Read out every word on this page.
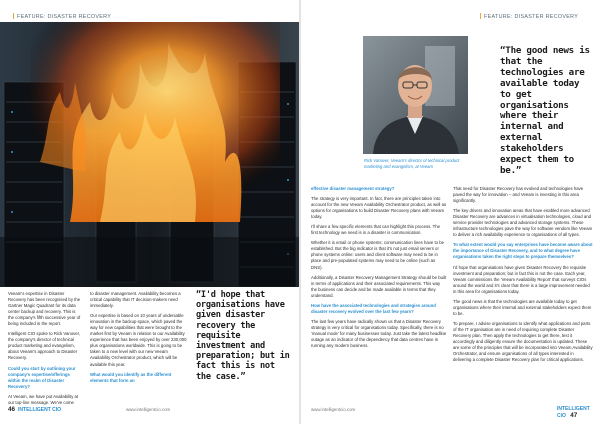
FEATURE: DISASTER RECOVERY

Veeam's expertise in Disaster Recovery has been recognised by the Gartner Magic Quadrant for its data center backup and recovery. This is the company's fifth successive year of being included in the report.

Intelligent CIO spoke to Rick Vanover, the company's director of technical product marketing and evangelism, about Veeam's approach to Disaster Recovery.

Could you start by outlining your company's expertise/offerings within the realm of Disaster Recovery?

At Veeam, we have put Availability at our top-line message. We've come

to disaster management. Availability becomes a critical capability that IT decision-makers need immediately.

Our expertise is based on 10 years of undeniable innovation in the backup space, which paved the way for new capabilities that were brought to the market first by Veeam in relation to our Availability experience that has been enjoyed by over 230,000 plus organisations worldwide. This is going to be taken to a new level with our new Veeam Availability Orchestrator product, which will be available this year.

What would you identify as the different elements that form an

“I'd hope that organisations have given disaster recovery the requisite investment and preparation; but in fact this is not the case.”
46 INTELLIGENT CIO	www.intelligentcio.com
FEATURE: DISASTER RECOVERY
“The good news is that the technologies are available today to get organisations where their internal and external stakeholders expect them to be.”

effective disaster management strategy?

The strategy is very important. In fact, there are principles taken into account for the new Veeam Availability Orchestrator product, as well as options for organisations to build Disaster Recovery plans with Veeam today.

I'll share a few specific elements that can highlight this process. The first technology we need is in a disaster is communication.

Whether it is email or phone systems; communication lines have to be established. But the big indicator is that it's not just email servers or phone systems online: users and client software may need to be in place and pre-populated systems may need to be online (such as DNS).

Additionally, a Disaster Recovery Management Strategy should be built in terms of applications and their associated requirements. This way the business can decide and be made available in terms that they understand.

How have the associated technologies and strategies around disaster recovery evolved over the last few years?

The last few years have radically shown us that a Disaster Recovery strategy is very critical for organisations today. Specifically, there is no 'manual mode' for many businesses today. Just take the latest headline outage as an indicator of the dependency that data centres have in running any modern business.

That need for Disaster Recovery has evolved and technologies have paved the way for innovation – and Veeam is investing in this area significantly.

The key drivers and innovation areas that have enabled more advanced Disaster Recovery are advances in virtualisation technologies, cloud and service provider technologies and advanced storage systems. These infrastructure technologies pave the way for software vendors like Veeam to deliver a rich availability experience to organisations of all types.

To what extent would you say enterprises have become aware about the importance of Disaster Recovery, and to what degree have organisations taken the right steps to prepare themselves?

I'd hope that organisations have given Disaster Recovery the requisite investment and preparation; but in fact this is not the case. Each year, Veeam commissions the 'Veeam Availability Report' that surveys CIOs around the world and it's clear that there is a large improvement needed in this area for organisations today.

The good news is that the technologies are available today to get organisations where their internal and external stakeholders expect them to be.

To prepare, I advise organisations to identify what applications and parts of the IT organisation are in need of requiring complete Disaster Recovery plan. Then apply the technologies to get there, test it accordingly and diligently ensure the documentation is updated. These are some of the principles that will be incorporated into Veeam Availability Orchestrator, and ensure organisations of all types interested in delivering a complete Disaster Recovery plan for critical applications.

INTELLIGENT CIO 47
www.intelligentcio.com
Rick Vanover, Veeam's director of technical product marketing and evangelism, at Veeam
